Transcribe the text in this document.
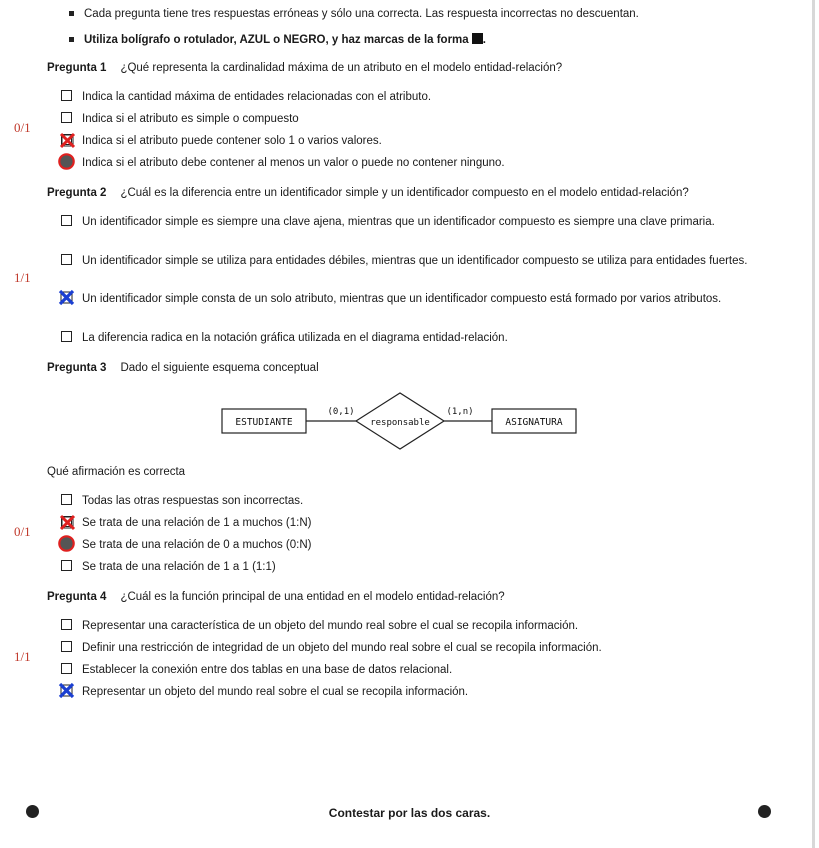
Cada pregunta tiene tres respuestas erróneas y sólo una correcta. Las respuesta incorrectas no descuentan.
Utiliza bolígrafo o rotulador, AZUL o NEGRO, y haz marcas de la forma .
Pregunta 1 ¿Qué representa la cardinalidad máxima de un atributo en el modelo entidad-relación?
0/1
Indica la cantidad máxima de entidades relacionadas con el atributo.
Indica si el atributo es simple o compuesto
Indica si el atributo puede contener solo 1 o varios valores.
Indica si el atributo debe contener al menos un valor o puede no contener ninguno.
Pregunta 2 ¿Cuál es la diferencia entre un identificador simple y un identificador compuesto en el modelo entidad-relación?
1/1
Un identificador simple es siempre una clave ajena, mientras que un identificador compuesto es siempre una clave primaria.
Un identificador simple se utiliza para entidades débiles, mientras que un identificador compuesto se utiliza para entidades fuertes.
Un identificador simple consta de un solo atributo, mientras que un identificador compuesto está formado por varios atributos.
La diferencia radica en la notación gráfica utilizada en el diagrama entidad-relación.
Pregunta 3 Dado el siguiente esquema conceptual
ESTUDIANTE	responsable	ASIGNATURA
(0,1)	(1,n)
Qué afirmación es correcta
0/1
Todas las otras respuestas son incorrectas.
Se trata de una relación de 1 a muchos (1:N)
Se trata de una relación de 0 a muchos (0:N)
Se trata de una relación de 1 a 1 (1:1)
Pregunta 4 ¿Cuál es la función principal de una entidad en el modelo entidad-relación?
1/1
Representar una característica de un objeto del mundo real sobre el cual se recopila información.
Definir una restricción de integridad de un objeto del mundo real sobre el cual se recopila información.
Establecer la conexión entre dos tablas en una base de datos relacional.
Representar un objeto del mundo real sobre el cual se recopila información.
Contestar por las dos caras.
